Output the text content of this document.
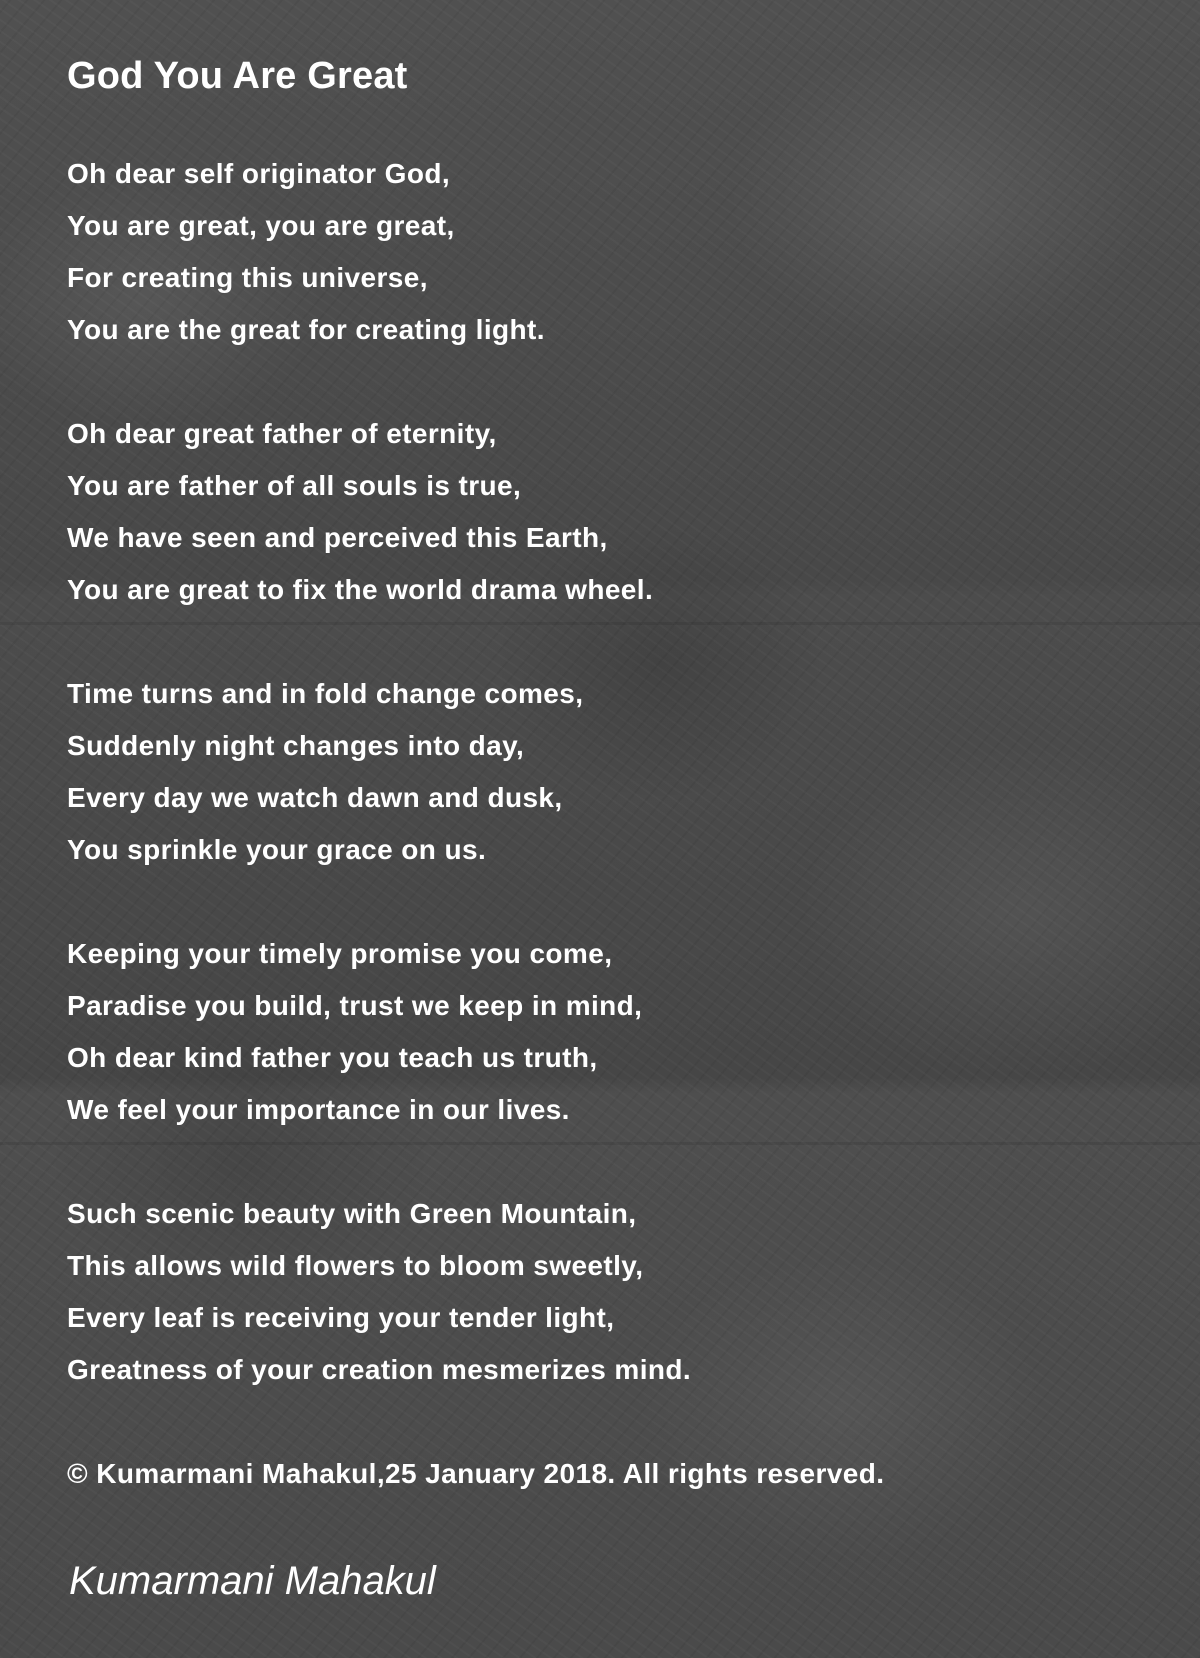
God You Are Great
Oh dear self originator God,
You are great, you are great,
For creating this universe,
You are the great for creating light.
Oh dear great father of eternity,
You are father of all souls is true,
We have seen and perceived this Earth,
You are great to fix the world drama wheel.
Time turns and in fold change comes,
Suddenly night changes into day,
Every day we watch dawn and dusk,
You sprinkle your grace on us.
Keeping your timely promise you come,
Paradise you build, trust we keep in mind,
Oh dear kind father you teach us truth,
We feel your importance in our lives.
Such scenic beauty with Green Mountain,
This allows wild flowers to bloom sweetly,
Every leaf is receiving your tender light,
Greatness of your creation mesmerizes mind.

© Kumarmani Mahakul,25 January 2018. All rights reserved.

Kumarmani Mahakul
